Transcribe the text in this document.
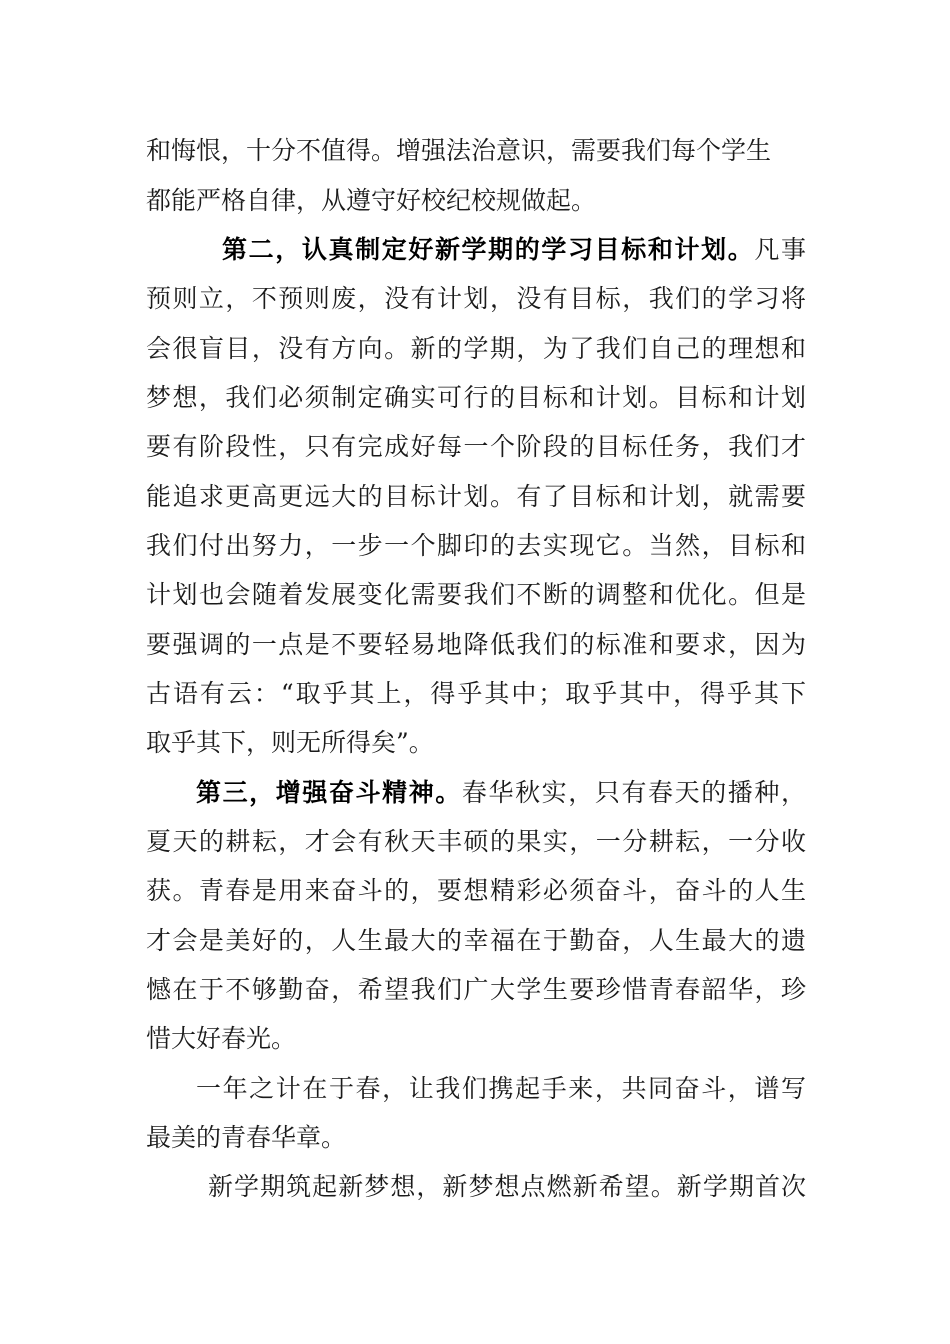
和悔恨，十分不值得。增强法治意识，需要我们每个学生
都能严格自律，从遵守好校纪校规做起。
第二，认真制定好新学期的学习目标和计划。凡事
预则立，不预则废，没有计划，没有目标，我们的学习将
会很盲目，没有方向。新的学期，为了我们自己的理想和
梦想，我们必须制定确实可行的目标和计划。目标和计划
要有阶段性，只有完成好每一个阶段的目标任务，我们才
能追求更高更远大的目标计划。有了目标和计划，就需要
我们付出努力，一步一个脚印的去实现它。当然，目标和
计划也会随着发展变化需要我们不断的调整和优化。但是
要强调的一点是不要轻易地降低我们的标准和要求，因为
古语有云：“取乎其上，得乎其中；取乎其中，得乎其下
取乎其下，则无所得矣”。
第三，增强奋斗精神。春华秋实，只有春天的播种，
夏天的耕耘，才会有秋天丰硕的果实，一分耕耘，一分收
获。青春是用来奋斗的，要想精彩必须奋斗，奋斗的人生
才会是美好的，人生最大的幸福在于勤奋，人生最大的遗
憾在于不够勤奋，希望我们广大学生要珍惜青春韶华，珍
惜大好春光。
一年之计在于春，让我们携起手来，共同奋斗，谱写
最美的青春华章。
新学期筑起新梦想，新梦想点燃新希望。新学期首次
